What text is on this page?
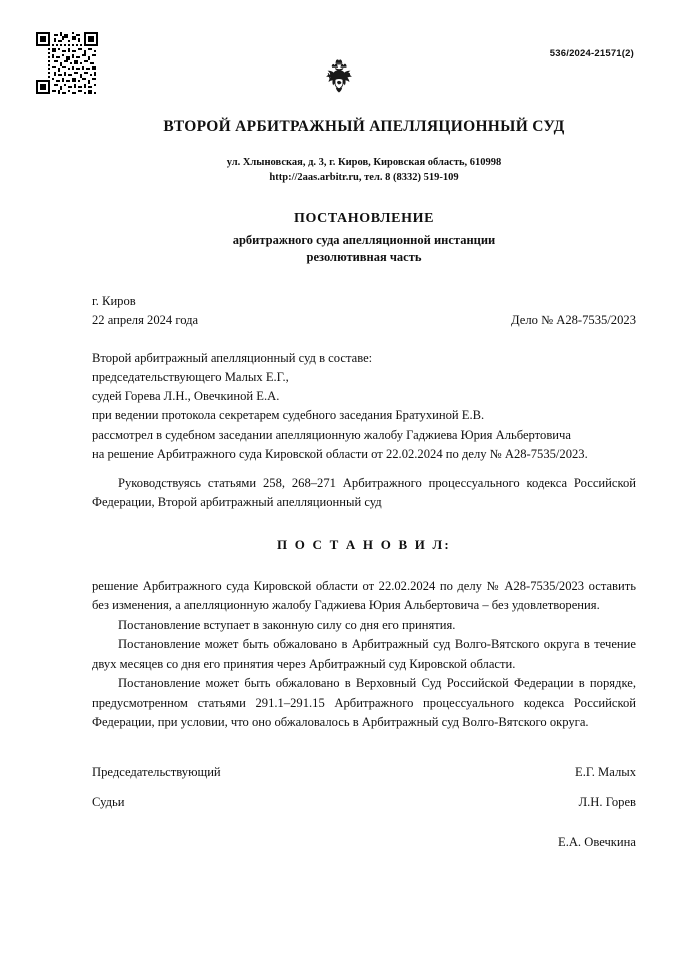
536/2024-21571(2)
ВТОРОЙ АРБИТРАЖНЫЙ АПЕЛЛЯЦИОННЫЙ СУД
ул. Хлыновская, д. 3, г. Киров, Кировская область, 610998
http://2aas.arbitr.ru, тел. 8 (8332) 519-109
ПОСТАНОВЛЕНИЕ
арбитражного суда апелляционной инстанции
резолютивная часть
г. Киров
22 апреля 2024 года	Дело № А28-7535/2023
Второй арбитражный апелляционный суд в составе:
председательствующего Малых Е.Г.,
судей Горева Л.Н., Овечкиной Е.А.
при ведении протокола секретарем судебного заседания Братухиной Е.В.
рассмотрел в судебном заседании апелляционную жалобу Гаджиева Юрия Альбертовича
на решение Арбитражного суда Кировской области от 22.02.2024 по делу № А28-7535/2023.
Руководствуясь статьями 258, 268–271 Арбитражного процессуального кодекса Российской Федерации, Второй арбитражный апелляционный суд
П О С Т А Н О В И Л:
решение Арбитражного суда Кировской области от 22.02.2024 по делу № А28-7535/2023 оставить без изменения, а апелляционную жалобу Гаджиева Юрия Альбертовича – без удовлетворения.
Постановление вступает в законную силу со дня его принятия.
Постановление может быть обжаловано в Арбитражный суд Волго-Вятского округа в течение двух месяцев со дня его принятия через Арбитражный суд Кировской области.
Постановление может быть обжаловано в Верховный Суд Российской Федерации в порядке, предусмотренном статьями 291.1–291.15 Арбитражного процессуального кодекса Российской Федерации, при условии, что оно обжаловалось в Арбитражный суд Волго-Вятского округа.
Председательствующий	Е.Г. Малых
Судьи	Л.Н. Горев
Е.А. Овечкина
